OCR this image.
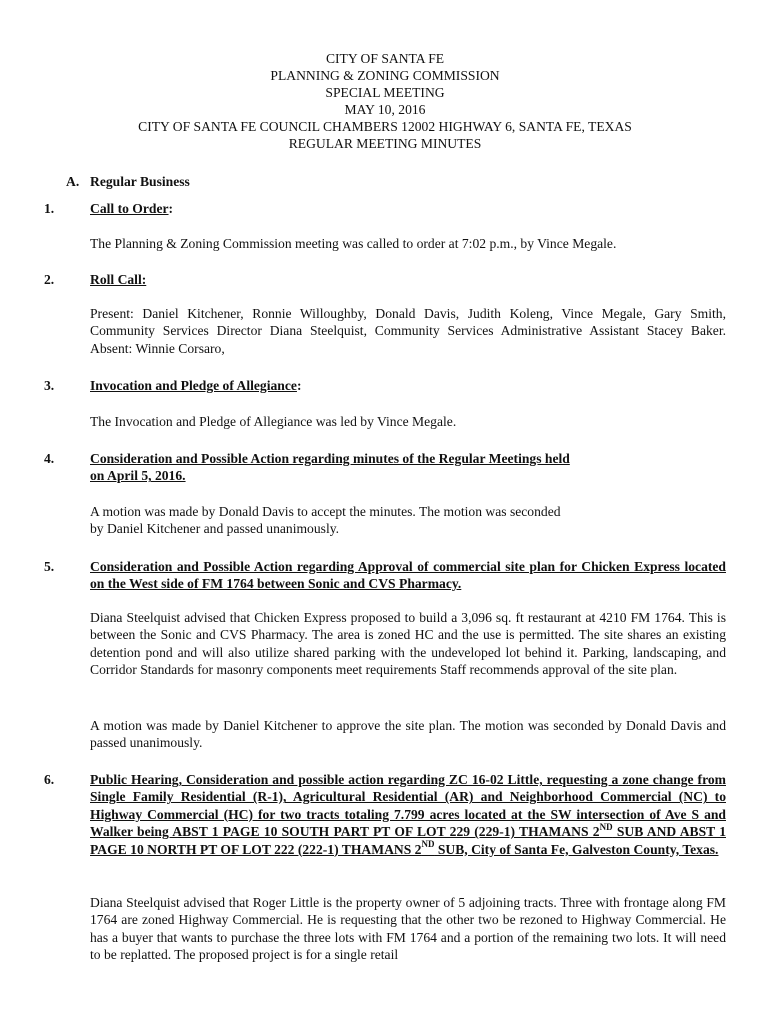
CITY OF SANTA FE
PLANNING & ZONING COMMISSION
SPECIAL MEETING
MAY 10, 2016
CITY OF SANTA FE COUNCIL CHAMBERS 12002 HIGHWAY 6, SANTA FE, TEXAS
REGULAR MEETING MINUTES
A. Regular Business
1.	Call to Order:
The Planning & Zoning Commission meeting was called to order at 7:02 p.m., by Vince Megale.
2.	Roll Call:
Present: Daniel Kitchener, Ronnie Willoughby, Donald Davis, Judith Koleng, Vince Megale, Gary Smith, Community Services Director Diana Steelquist, Community Services Administrative Assistant Stacey Baker. Absent: Winnie Corsaro,
3.	Invocation and Pledge of Allegiance:
The Invocation and Pledge of Allegiance was led by Vince Megale.
4.	Consideration and Possible Action regarding minutes of the Regular Meetings held
on April 5, 2016.
A motion was made by Donald Davis to accept the minutes. The motion was seconded
by Daniel Kitchener and passed unanimously.
5.	Consideration and Possible Action regarding Approval of commercial site plan for Chicken Express located on the West side of FM 1764 between Sonic and CVS Pharmacy.
Diana Steelquist advised that Chicken Express proposed to build a 3,096 sq. ft restaurant at 4210 FM 1764. This is between the Sonic and CVS Pharmacy. The area is zoned HC and the use is permitted. The site shares an existing detention pond and will also utilize shared parking with the undeveloped lot behind it. Parking, landscaping, and Corridor Standards for masonry components meet requirements Staff recommends approval of the site plan.
A motion was made by Daniel Kitchener to approve the site plan. The motion was seconded by Donald Davis and passed unanimously.
6.	Public Hearing, Consideration and possible action regarding ZC 16-02 Little, requesting a zone change from Single Family Residential (R-1), Agricultural Residential (AR) and Neighborhood Commercial (NC) to Highway Commercial (HC) for two tracts totaling 7.799 acres located at the SW intersection of Ave S and Walker being ABST 1 PAGE 10 SOUTH PART PT OF LOT 229 (229-1) THAMANS 2ND SUB AND ABST 1 PAGE 10 NORTH PT OF LOT 222 (222-1) THAMANS 2ND SUB, City of Santa Fe, Galveston County, Texas.
Diana Steelquist advised that Roger Little is the property owner of 5 adjoining tracts. Three with frontage along FM 1764 are zoned Highway Commercial. He is requesting that the other two be rezoned to Highway Commercial. He has a buyer that wants to purchase the three lots with FM 1764 and a portion of the remaining two lots. It will need to be replatted. The proposed project is for a single retail
